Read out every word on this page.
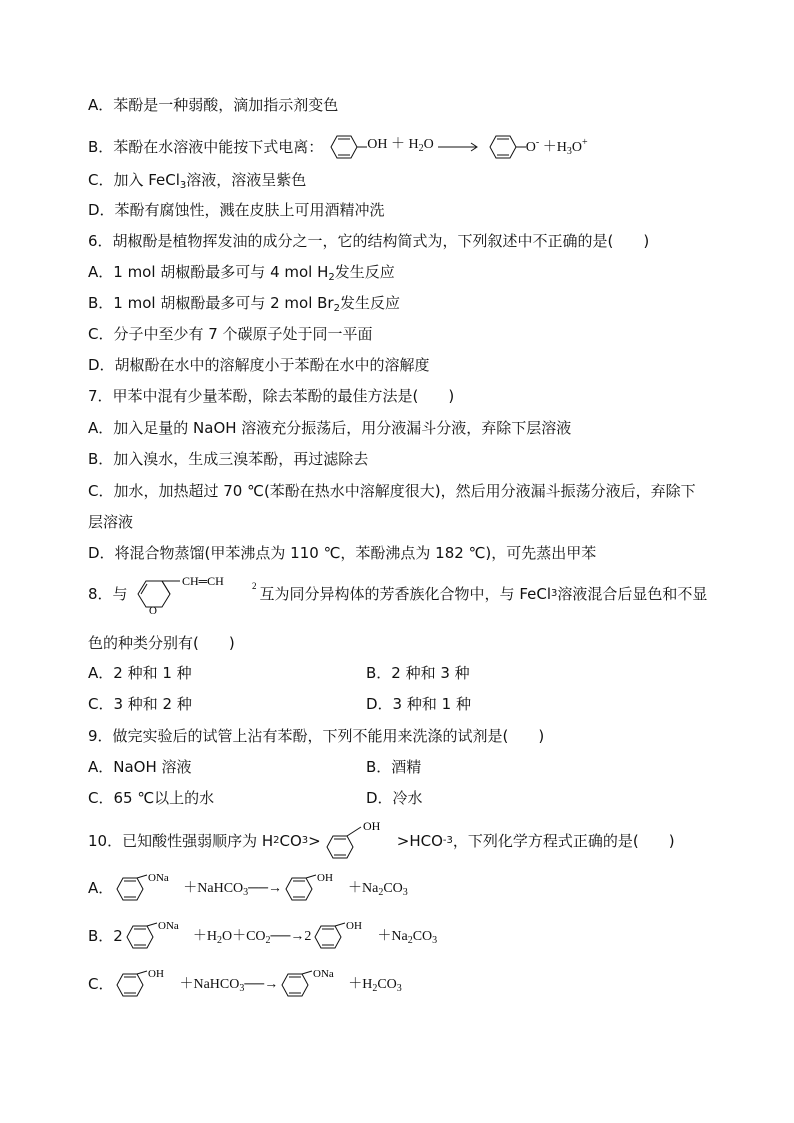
A．苯酚是一种弱酸，滴加指示剂变色
B．苯酚在水溶液中能按下式电离：	OH ＋ $H_2O$ →	$O^- +H_3O^+$
C．加入 FeCl$_3$溶液，溶液呈紫色
D．苯酚有腐蚀性，溅在皮肤上可用酒精冲洗
6．胡椒酚是植物挥发油的成分之一，它的结构简式为，下列叙述中不正确的是(　　)
A．1 mol 胡椒酚最多可与 4 mol $H_2$发生反应
B．1 mol 胡椒酚最多可与 2 mol $Br_2$发生反应
C．分子中至少有 7 个碳原子处于同一平面
D．胡椒酚在水中的溶解度小于苯酚在水中的溶解度
7．甲苯中混有少量苯酚，除去苯酚的最佳方法是(　　)
A．加入足量的 NaOH 溶液充分振荡后，用分液漏斗分液，弃除下层溶液
B．加入溴水，生成三溴苯酚，再过滤除去
C．加水，加热超过 70 ℃(苯酚在热水中溶解度很大)，然后用分液漏斗振荡分液后，弃除下
层溶液
D．将混合物蒸馏(甲苯沸点为 110 ℃，苯酚沸点为 182 ℃)，可先蒸出甲苯
8．与
O
CH═CH	2 互为同分异构体的芳香族化合物中，与 FeCl 3 溶液混合后显色和不显
色的种类分别有(　　)
A．2 种和 1 种	B．2 种和 3 种
C．3 种和 2 种	D．3 种和 1 种
9．做完实验后的试管上沾有苯酚，下列不能用来洗涤的试剂是(　　)
A．NaOH 溶液	B．酒精
C．65 ℃以上的水	D．冷水
10．已知酸性强弱顺序为 H 2 CO 3 >
OH
>HCO -3 ，下列化学方程式正确的是(　　)
A．
ONa
＋NaHCO$_3$──→
OH
$+Na_2CO_3$
B．2
ONa
$+H_2O+CO_2──\to 2$
OH
$+Na_2CO_3$
C．
OH
＋NaHCO$_3$──→
ONa
$+H_2CO_3$
